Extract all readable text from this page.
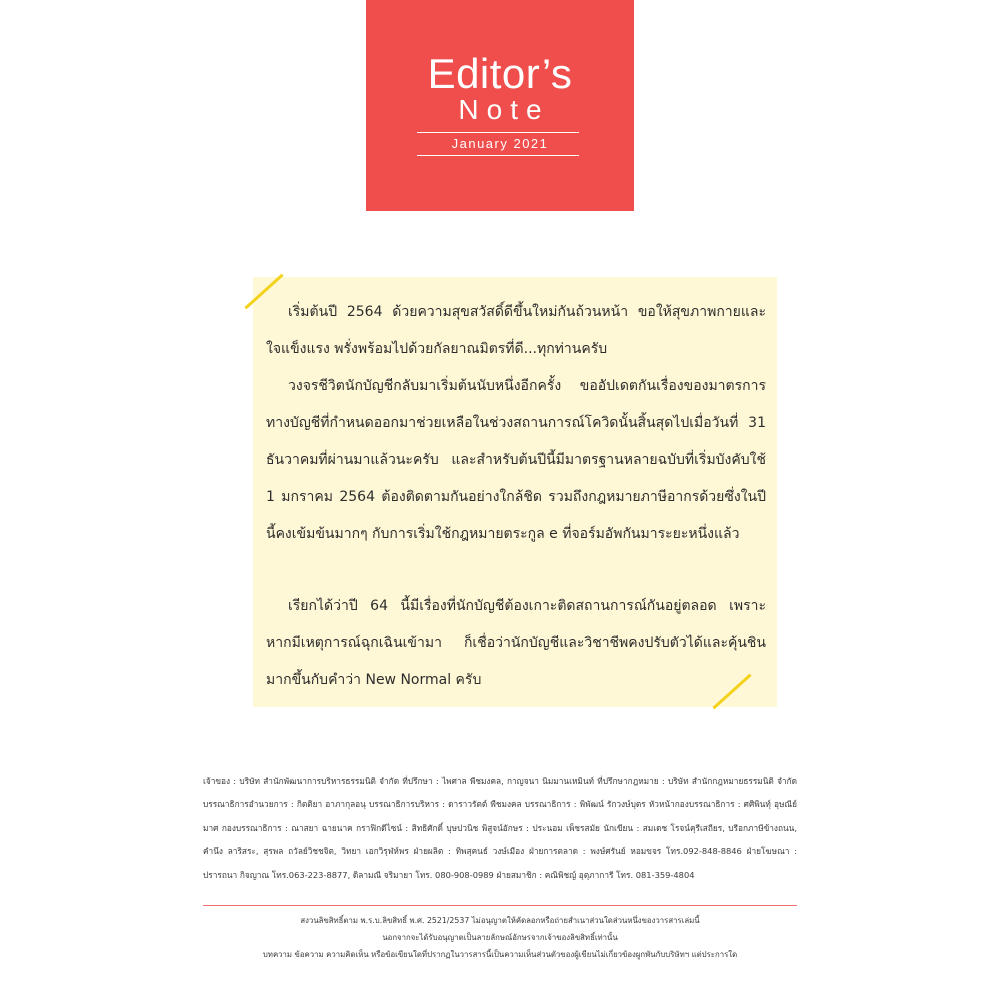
Editor’s
Note
January 2021

เริ่มต้นปี 2564 ด้วยความสุขสวัสดิ์ดีขึ้นใหม่กันถ้วนหน้า ขอให้สุขภาพกายและใจแข็งแรง พรั่งพร้อมไปด้วยกัลยาณมิตรที่ดี...ทุกท่านครับ

วงจรชีวิตนักบัญชีกลับมาเริ่มต้นนับหนึ่งอีกครั้ง ขออัปเดตกันเรื่องของมาตรการทางบัญชีที่กำหนดออกมาช่วยเหลือในช่วงสถานการณ์โควิดนั้นสิ้นสุดไปเมื่อวันที่ 31 ธันวาคมที่ผ่านมาแล้วนะครับ และสำหรับต้นปีนี้มีมาตรฐานหลายฉบับที่เริ่มบังคับใช้ 1 มกราคม 2564 ต้องติดตามกันอย่างใกล้ชิด รวมถึงกฎหมายภาษีอากรด้วยซึ่งในปีนี้คงเข้มข้นมากๆ กับการเริ่มใช้กฎหมายตระกูล e ที่จอร์มอัพกันมาระยะหนึ่งแล้ว

เรียกได้ว่าปี 64 นี้มีเรื่องที่นักบัญชีต้องเกาะติดสถานการณ์กันอยู่ตลอด เพราะหากมีเหตุการณ์ฉุกเฉินเข้ามา ก็เชื่อว่านักบัญชีและวิชาชีพคงปรับตัวได้และคุ้นชินมากขึ้นกับคำว่า New Normal ครับ

เจ้าของ : บริษัท สำนักพัฒนาการบริหารธรรมนิติ จำกัด ที่ปรึกษา : ไพศาล พืชมงคล, กาญจนา นิมมานเหมินท์ ที่ปรึกษากฎหมาย : บริษัท สำนักกฎหมายธรรมนิติ จำกัด บรรณาธิการอำนวยการ : กิตติยา อาภากุลอนุ บรรณาธิการบริหาร : ดาราวรัตต์ พืชมงคล บรรณาธิการ : พิพัฒน์ รักวงษ์บุตร หัวหน้ากองบรรณาธิการ : ศศิพินทุ์ อุษณีย์มาศ กองบรรณาธิการ : ณาสยา ฉายนาค กราฟิกดีไซน์ : สิทธิศักดิ์ บุษปวนิช พิสูจน์อักษร : ประนอม เพ็ชรสมัย นักเขียน : สมเดช โรจน์คุรีเสถียร, บรีอกภาษีข้างถนน, คำนึง ลาริสระ, สุรพล ถวัลย์วิชชจิต, วิทยา เอกวิรุฬห์พร ฝ่ายผลิต : ทิพสุคนธ์ วงษ์เมือง ฝ่ายการตลาด : พงษ์ศรันย์ หอมขจร โทร.092-848-8846 ฝ่ายโฆษณา : ปรารถนา กิจญาณ โทร.063-223-8877, ดิลามณี จริมายา โทร. 080-908-0989 ฝ่ายสมาชิก : คณิพิชญ์ อุตุภาการี โทร. 081-359-4804

สงวนลิขสิทธิ์ตาม พ.ร.บ.ลิขสิทธิ์ พ.ศ. 2521/2537 ไม่อนุญาตให้คัดลอกหรือถ่ายสำเนาส่วนใดส่วนหนึ่งของวารสารเล่มนี้
นอกจากจะได้รับอนุญาตเป็นลายลักษณ์อักษรจากเจ้าของลิขสิทธิ์เท่านั้น
บทความ ข้อความ ความคิดเห็น หรือข้อเขียนใดที่ปรากฏในวารสารนี้เป็นความเห็นส่วนตัวของผู้เขียนไม่เกี่ยวข้องผูกพันกับบริษัทฯ แต่ประการใด
